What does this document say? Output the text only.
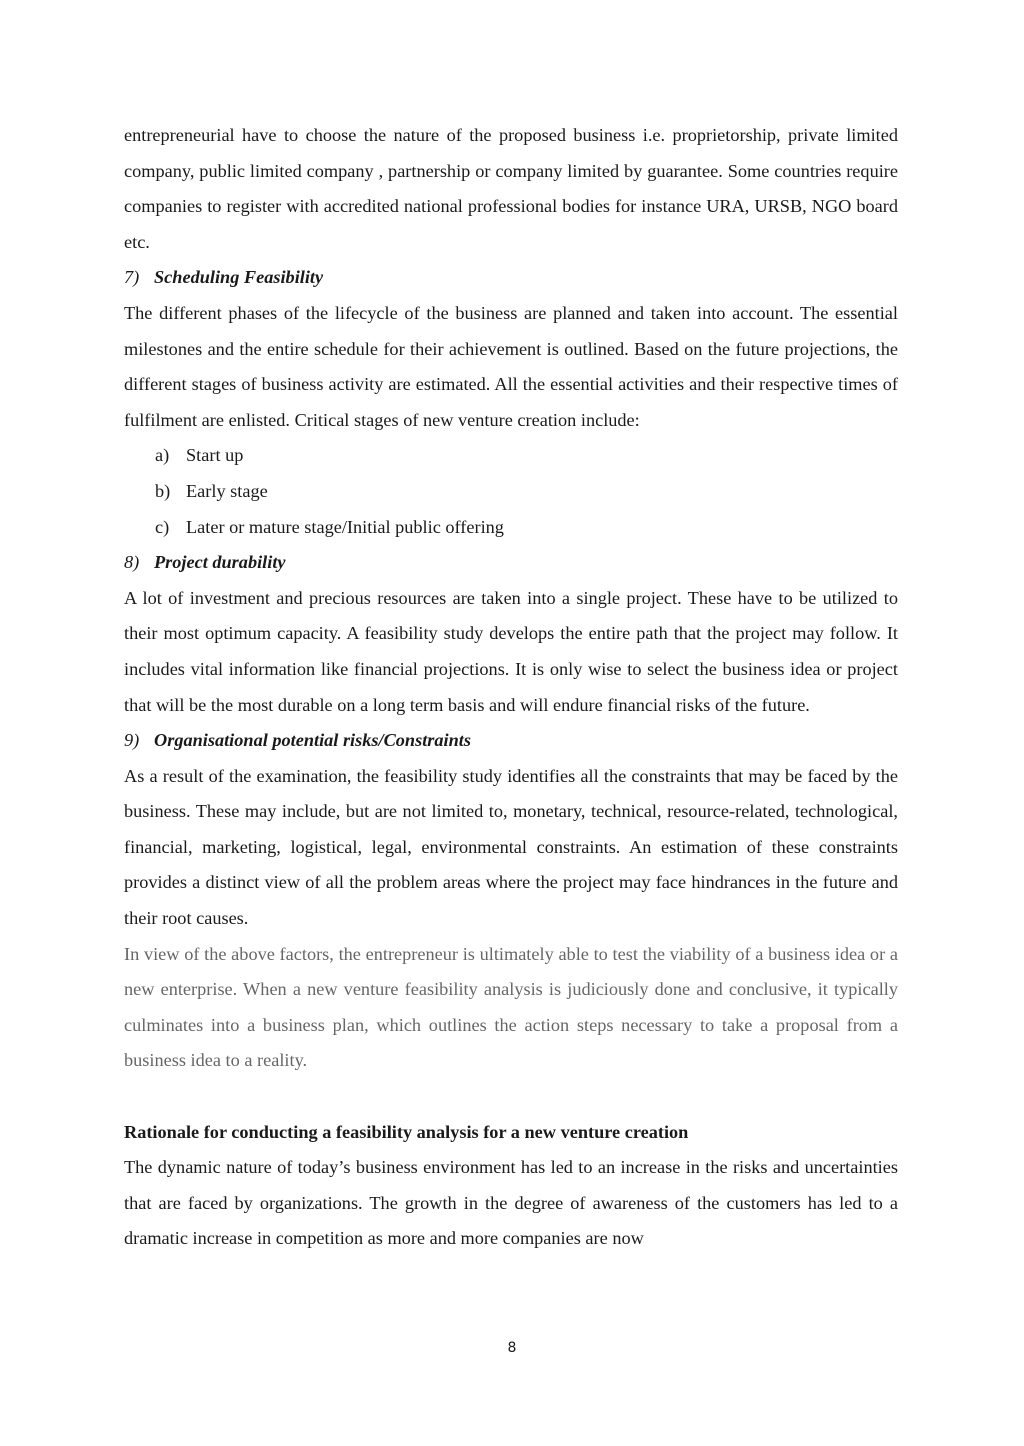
entrepreneurial have to choose the nature of the proposed business i.e. proprietorship, private limited company, public limited company , partnership or company limited by guarantee. Some countries require companies to register with accredited national professional bodies for instance URA, URSB, NGO board etc.

7) Scheduling Feasibility

The different phases of the lifecycle of the business are planned and taken into account. The essential milestones and the entire schedule for their achievement is outlined. Based on the future projections, the different stages of business activity are estimated. All the essential activities and their respective times of fulfilment are enlisted. Critical stages of new venture creation include:

a) Start up
b) Early stage
c) Later or mature stage/Initial public offering
8) Project durability

A lot of investment and precious resources are taken into a single project. These have to be utilized to their most optimum capacity. A feasibility study develops the entire path that the project may follow. It includes vital information like financial projections. It is only wise to select the business idea or project that will be the most durable on a long term basis and will endure financial risks of the future.

9) Organisational potential risks/Constraints

As a result of the examination, the feasibility study identifies all the constraints that may be faced by the business. These may include, but are not limited to, monetary, technical, resource-related, technological, financial, marketing, logistical, legal, environmental constraints. An estimation of these constraints provides a distinct view of all the problem areas where the project may face hindrances in the future and their root causes.

In view of the above factors, the entrepreneur is ultimately able to test the viability of a business idea or a new enterprise. When a new venture feasibility analysis is judiciously done and conclusive, it typically culminates into a business plan, which outlines the action steps necessary to take a proposal from a business idea to a reality.

Rationale for conducting a feasibility analysis for a new venture creation

The dynamic nature of today’s business environment has led to an increase in the risks and uncertainties that are faced by organizations. The growth in the degree of awareness of the customers has led to a dramatic increase in competition as more and more companies are now

8
